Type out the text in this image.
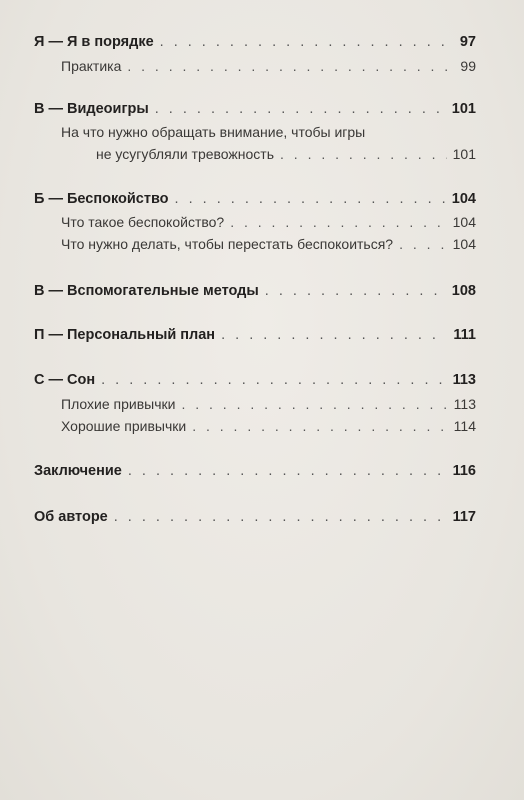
Я — Я в порядке . . .	97
Практика . . .	99
В — Видеоигры . . .	101
На что нужно обращать внимание, чтобы игры
не усугубляли тревожность . . .	101
Б — Беспокойство . . .	104
Что такое беспокойство? . . .	104
Что нужно делать, чтобы перестать беспокоиться? . . .	104
В — Вспомогательные методы . . .	108
П — Персональный план . . .	111
С — Сон . . .	113
Плохие привычки . . .	113
Хорошие привычки . . .	114
Заключение . . .	116
Об авторе . . .	117
